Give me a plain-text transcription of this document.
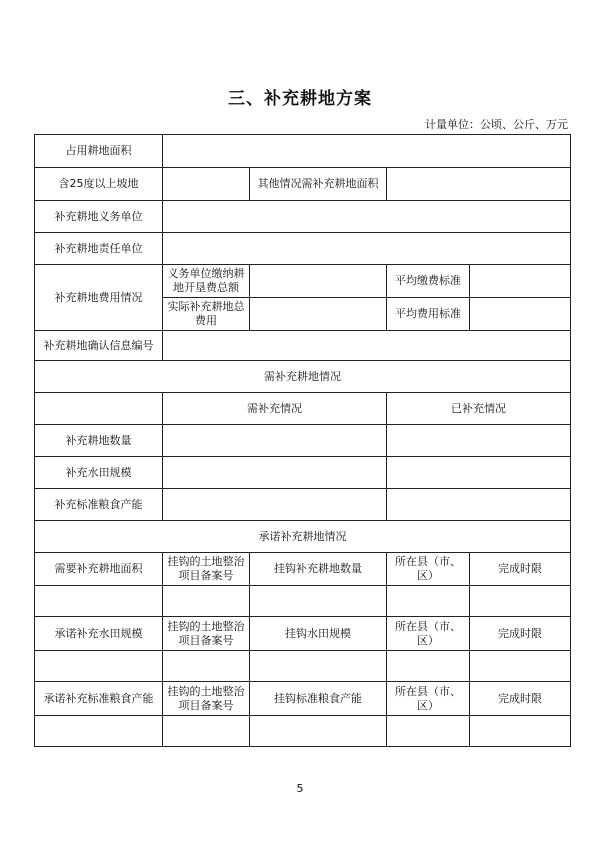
三、补充耕地方案
计量单位：公顷、公斤、万元
占用耕地面积				
含25度以上坡地		其他情况需补充耕地面积		
补充耕地义务单位				
补充耕地责任单位				
补充耕地费用情况	义务单位缴纳耕地开垦费总额		平均缴费标准	
	实际补充耕地总费用		平均费用标准	
补充耕地确认信息编号				
需补充耕地情况				
	需补充情况		已补充情况	
补充耕地数量				
补充水田规模				
补充标准粮食产能				
承诺补充耕地情况				
需要补充耕地面积	挂钩的土地整治项目备案号	挂钩补充耕地数量	所在县（市、区）	完成时限

承诺补充水田规模	挂钩的土地整治项目备案号	挂钩水田规模	所在县（市、区）	完成时限

承诺补充标准粮食产能	挂钩的土地整治项目备案号	挂钩标准粮食产能	所在县（市、区）	完成时限

5
